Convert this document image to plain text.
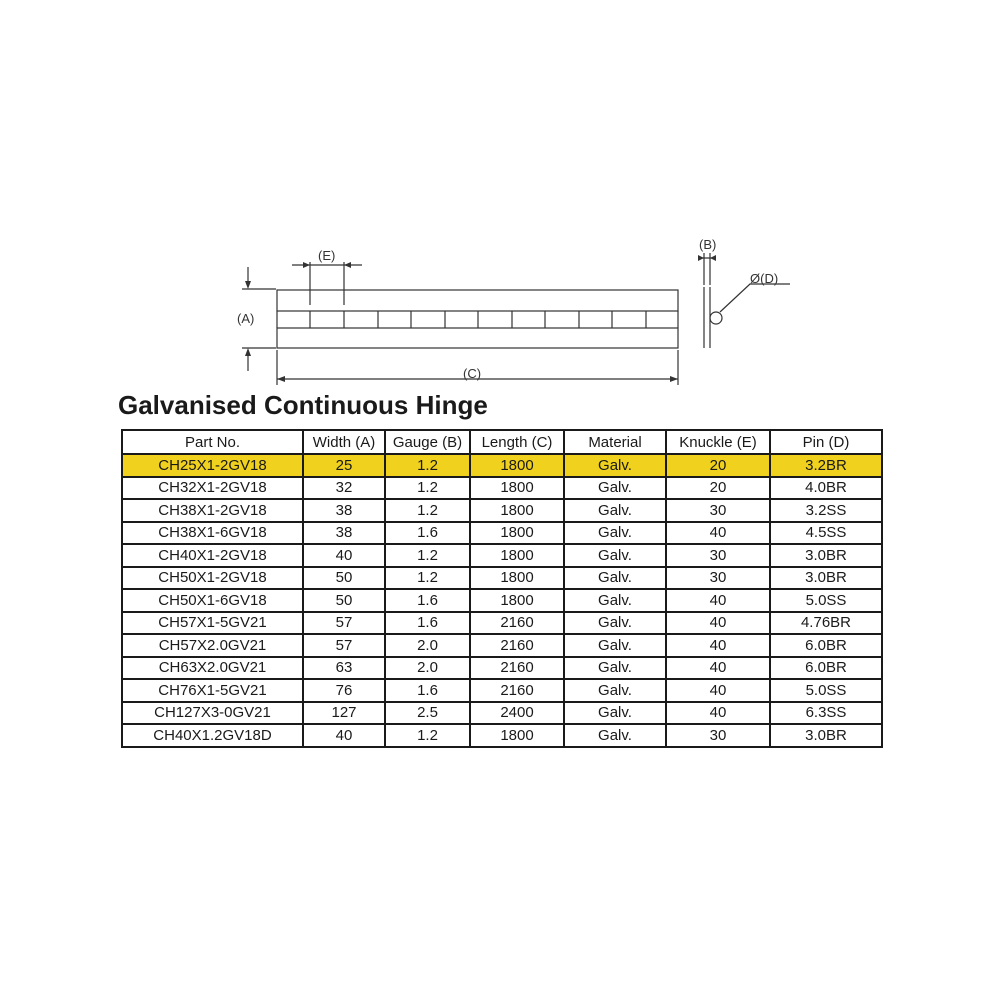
(E)
(A)
(C)
(B)
Ø(D)
Galvanised Continuous Hinge
Part No.	Width (A)	Gauge (B)	Length (C)	Material	Knuckle (E)	Pin (D)
CH25X1-2GV18	25	1.2	1800	Galv.	20	3.2BR
CH32X1-2GV18	32	1.2	1800	Galv.	20	4.0BR
CH38X1-2GV18	38	1.2	1800	Galv.	30	3.2SS
CH38X1-6GV18	38	1.6	1800	Galv.	40	4.5SS
CH40X1-2GV18	40	1.2	1800	Galv.	30	3.0BR
CH50X1-2GV18	50	1.2	1800	Galv.	30	3.0BR
CH50X1-6GV18	50	1.6	1800	Galv.	40	5.0SS
CH57X1-5GV21	57	1.6	2160	Galv.	40	4.76BR
CH57X2.0GV21	57	2.0	2160	Galv.	40	6.0BR
CH63X2.0GV21	63	2.0	2160	Galv.	40	6.0BR
CH76X1-5GV21	76	1.6	2160	Galv.	40	5.0SS
CH127X3-0GV21	127	2.5	2400	Galv.	40	6.3SS
CH40X1.2GV18D	40	1.2	1800	Galv.	30	3.0BR
